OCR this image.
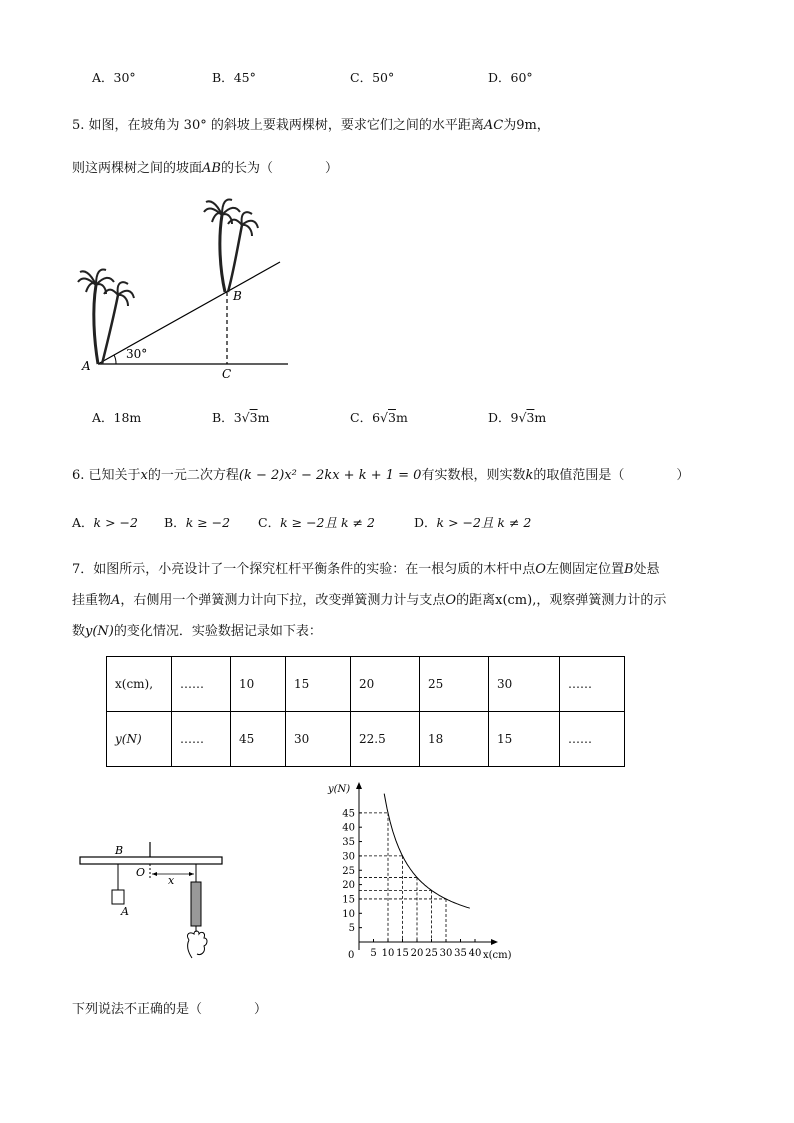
A．30°	B．45°	C．50°	D．60°
5. 如图，在坡角为 30° 的斜坡上要栽两棵树，要求它们之间的水平距离AC为9m，
则这两棵树之间的坡面AB的长为（　　　　）
30°
A
B
C
A．18m	B．3√3m	C．6√3m	D．9√3m
6. 已知关于x的一元二次方程(k − 2)x² − 2kx + k + 1 = 0有实数根，则实数k的取值范围是（　　　　）
A．k > −2 B．k ≥ −2 C．k ≥ −2且 k ≠ 2	D．k > −2且 k ≠ 2
7．如图所示，小亮设计了一个探究杠杆平衡条件的实验：在一根匀质的木杆中点O左侧固定位置B处悬
挂重物A，右侧用一个弹簧测力计向下拉，改变弹簧测力计与支点O的距离x(cm),，观察弹簧测力计的示
数y(N)的变化情况．实验数据记录如下表：
x(cm),	……	10	15	20	25	30	……
y(N)	……	45	30	22.5	18	15	……
B
O
x
A
y(N)
x(cm)
0
45
40
35
30
25
20
15
10
5
5 10 15 20 25 30 35 40
下列说法不正确的是（　　　　）
